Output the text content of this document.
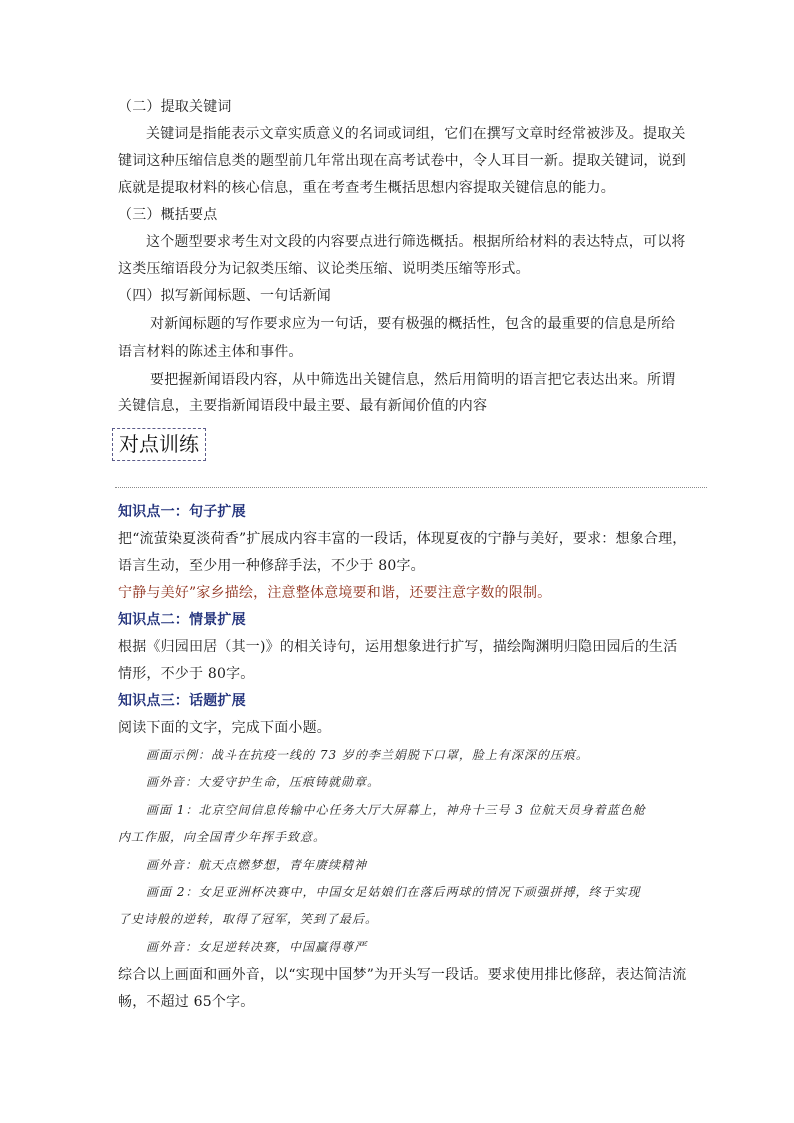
（二）提取关键词
关键词是指能表示文章实质意义的名词或词组，它们在撰写文章时经常被涉及。提取关
键词这种压缩信息类的题型前几年常出现在高考试卷中，令人耳目一新。提取关键词，说到
底就是提取材料的核心信息，重在考查考生概括思想内容提取关键信息的能力。
（三）概括要点
这个题型要求考生对文段的内容要点进行筛选概括。根据所给材料的表达特点，可以将
这类压缩语段分为记叙类压缩、议论类压缩、说明类压缩等形式。
（四）拟写新闻标题、一句话新闻
对新闻标题的写作要求应为一句话，要有极强的概括性，包含的最重要的信息是所给
语言材料的陈述主体和事件。
要把握新闻语段内容，从中筛选出关键信息，然后用简明的语言把它表达出来。所谓
关键信息，主要指新闻语段中最主要、最有新闻价值的内容
对点训练
知识点一：句子扩展
把“流萤染夏淡荷香”扩展成内容丰富的一段话，体现夏夜的宁静与美好，要求：想象合理，
语言生动，至少用一种修辞手法，不少于 80字。
宁静与美好”家乡描绘，注意整体意境要和谐，还要注意字数的限制。
知识点二：情景扩展
根据《归园田居（其一)》的相关诗句，运用想象进行扩写，描绘陶渊明归隐田园后的生活
情形，不少于 80字。
知识点三：话题扩展
阅读下面的文字，完成下面小题。
画面示例：战斗在抗疫一线的 73 岁的李兰娟脱下口罩，脸上有深深的压痕。
画外音：大爱守护生命，压痕铸就勋章。
画面 1：北京空间信息传输中心任务大厅大屏幕上，神舟十三号 3 位航天员身着蓝色舱
内工作服，向全国青少年挥手致意。
画外音：航天点燃梦想，青年赓续精神
画面 2：女足亚洲杯决赛中，中国女足姑娘们在落后两球的情况下顽强拼搏，终于实现
了史诗般的逆转，取得了冠军，笑到了最后。
画外音：女足逆转决赛，中国赢得尊严
综合以上画面和画外音，以“实现中国梦”为开头写一段话。要求使用排比修辞，表达简洁流
畅，不超过 65个字。
